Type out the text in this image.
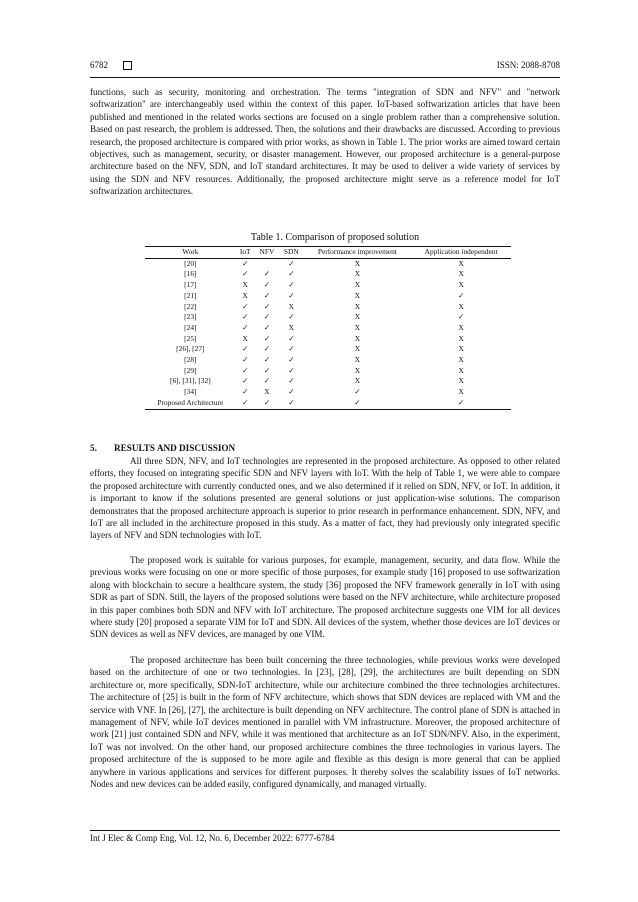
6782	ISSN: 2088-8708

functions, such as security, monitoring and orchestration. The terms "integration of SDN and NFV" and "network softwarization" are interchangeably used within the context of this paper. IoT-based softwarization articles that have been published and mentioned in the related works sections are focused on a single problem rather than a comprehensive solution. Based on past research, the problem is addressed. Then, the solutions and their drawbacks are discussed. According to previous research, the proposed architecture is compared with prior works, as shown in Table 1. The prior works are aimed toward certain objectives, such as management, security, or disaster management. However, our proposed architecture is a general-purpose architecture based on the NFV, SDN, and IoT standard architectures. It may be used to deliver a wide variety of services by using the SDN and NFV resources. Additionally, the proposed architecture might serve as a reference model for IoT softwarization architectures.

Table 1. Comparison of proposed solution
Work	IoT	NFV	SDN	Performance improvement	Application independent
[20]	✓		✓	X	X
[16]	✓	✓	✓	X	X
[17]	X	✓	✓	X	X
[21]	X	✓	✓	X	✓
[22]	✓	✓	X	X	X
[23]	✓	✓	✓	X	✓
[24]	✓	✓	X	X	X
[25]	X	✓	✓	X	X
[26], [27]	✓	✓	✓	X	X
[28]	✓	✓	✓	X	X
[29]	✓	✓	✓	X	X
[6], [31], [32]	✓	✓	✓	X	X
[34]	✓	X	✓	✓	X
Proposed Architecture	✓	✓	✓	✓	✓
5. RESULTS AND DISCUSSION

All three SDN, NFV, and IoT technologies are represented in the proposed architecture. As opposed to other related efforts, they focused on integrating specific SDN and NFV layers with IoT. With the help of Table 1, we were able to compare the proposed architecture with currently conducted ones, and we also determined if it relied on SDN, NFV, or IoT. In addition, it is important to know if the solutions presented are general solutions or just application-wise solutions. The comparison demonstrates that the proposed architecture approach is superior to prior research in performance enhancement. SDN, NFV, and IoT are all included in the architecture proposed in this study. As a matter of fact, they had previously only integrated specific layers of NFV and SDN technologies with IoT.

The proposed work is suitable for various purposes, for example, management, security, and data flow. While the previous works were focusing on one or more specific of those purposes, for example study [16] proposed to use softwarization along with blockchain to secure a healthcare system, the study [36] proposed the NFV framework generally in IoT with using SDR as part of SDN. Still, the layers of the proposed solutions were based on the NFV architecture, while architecture proposed in this paper combines both SDN and NFV with IoT architecture. The proposed architecture suggests one VIM for all devices where study [20] proposed a separate VIM for IoT and SDN. All devices of the system, whether those devices are IoT devices or SDN devices as well as NFV devices, are managed by one VIM.

The proposed architecture has been built concerning the three technologies, while previous works were developed based on the architecture of one or two technologies. In [23], [28], [29], the architectures are built depending on SDN architecture or, more specifically, SDN-IoT architecture, while our architecture combined the three technologies architectures. The architecture of [25] is built in the form of NFV architecture, which shows that SDN devices are replaced with VM and the service with VNF. In [26], [27], the architecture is built depending on NFV architecture. The control plane of SDN is attached in management of NFV, while IoT devices mentioned in parallel with VM infrastructure. Moreover, the proposed architecture of work [21] just contained SDN and NFV, while it was mentioned that architecture as an IoT SDN/NFV. Also, in the experiment, IoT was not involved. On the other hand, our proposed architecture combines the three technologies in various layers. The proposed architecture of the is supposed to be more agile and flexible as this design is more general that can be applied anywhere in various applications and services for different purposes. It thereby solves the scalability issues of IoT networks. Nodes and new devices can be added easily, configured dynamically, and managed virtually.

Int J Elec & Comp Eng, Vol. 12, No. 6, December 2022: 6777-6784
